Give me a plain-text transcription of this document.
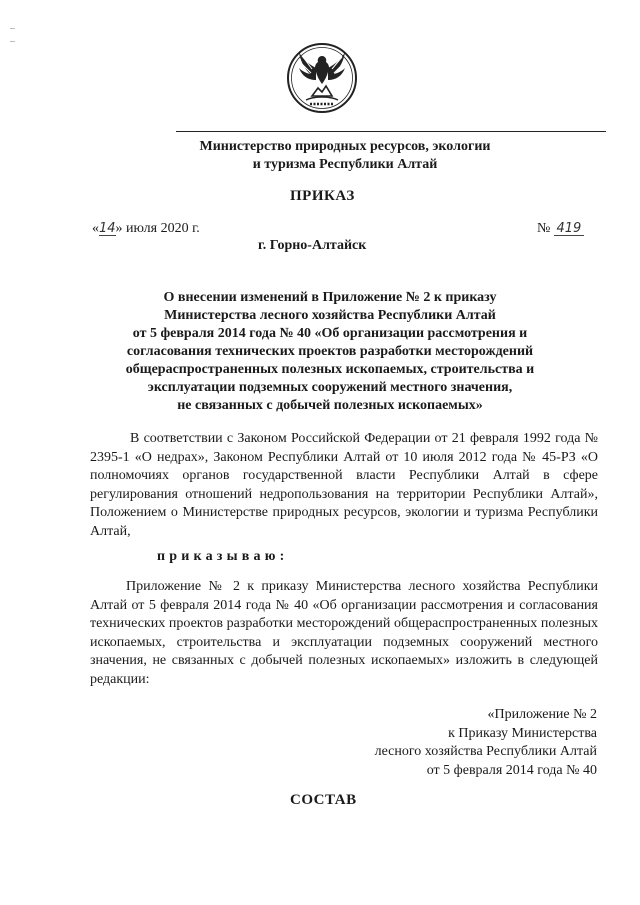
Министерство природных ресурсов, экологии
и туризма Республики Алтай
ПРИКАЗ
«14» июля 2020 г.	№ 419
г. Горно-Алтайск
О внесении изменений в Приложение № 2 к приказу
Министерства лесного хозяйства Республики Алтай
от 5 февраля 2014 года № 40 «Об организации рассмотрения и
согласования технических проектов разработки месторождений
общераспространенных полезных ископаемых, строительства и
эксплуатации подземных сооружений местного значения,
не связанных с добычей полезных ископаемых»
В соответствии с Законом Российской Федерации от 21 февраля 1992 года № 2395-1 «О недрах», Законом Республики Алтай от 10 июля 2012 года № 45-РЗ «О полномочиях органов государственной власти Республики Алтай в сфере регулирования отношений недропользования на территории Республики Алтай», Положением о Министерстве природных ресурсов, экологии и туризма Республики Алтай,
приказываю:
Приложение № 2 к приказу Министерства лесного хозяйства Республики Алтай от 5 февраля 2014 года № 40 «Об организации рассмотрения и согласования технических проектов разработки месторождений общераспространенных полезных ископаемых, строительства и эксплуатации подземных сооружений местного значения, не связанных с добычей полезных ископаемых» изложить в следующей редакции:
«Приложение № 2
к Приказу Министерства
лесного хозяйства Республики Алтай
от 5 февраля 2014 года № 40
СОСТАВ
